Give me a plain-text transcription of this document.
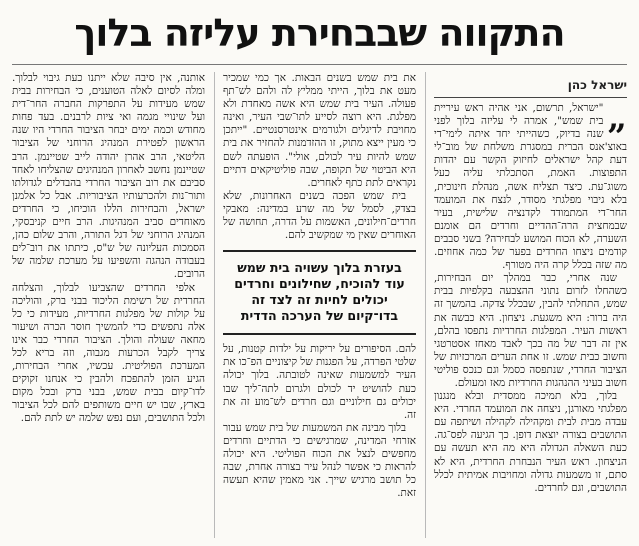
התקווה שבבחירת עליזה בלוך
ישראל כהן
„

"ישראל, תרשום, אני אהיה ראש עיריית בית שמש", אמרה לי עליזה בלוך לפני שנה בדיוק, כשהייתי יחד איתה לימי־די באוצ'אנס הברית במסגרת משלחת של מוב־לי דעת קהל ישראלים לחיזוק הקשר עם יהדות התפוצות. האמת, הסתכלתי עליה כעל משוג־עת. כיצד תצליח אשה, מנהלת חינוכית, בלא גיבוי מפלגתי מסודר, לנצח את המועמד החר־די המתמודד לקדנציה שלישית, בעיר שבמחצית הרה־ההדיים וחרדים הם אומנם השערה, לא הכוח המושע לבחירה? בשני סבבים קודמים ניצחו החרדים בפער של כמה אחוזים. מה שזה בכלל קרה היה מטורף.

שנה אחרי, כבר במהלך יום הבחירות, כשהחלו לזרום נתוני ההצבעה בקלפיות בבית שמש, התחלתי להבין, שבכלל צדקה. בהמשך זה היה ברור: היא משגעת. ניצחון. היא כבשה את ראשות העיר. המפלגות החרדיות נתפסו בהלם, אין זה דבר של מה בכך לאבד מאחז אסטרטגי וחשוב כבית שמש. זו אחת הערים המרכזיות של הציבור החרדי, שנתפסה כסמל וגם כנכס פוליטי חשוב בעיני ההנהגות החרדיות מאז ומעולם.

בלוך, בלא תמיכה ממסדית ובלא מנגנון מפלגתי מאורגן, ניצחה את המועמד החרדי. היא עבדה מבית לבית ומקהילה לקהילה ושיתפה עם התושבים בצורה יוצאת דופן. כך הגיעה לפס־גה. כעת השאלה הגדולה היא מה היא תעשה עם הניצחון. ראש העיר הנבחרת החרדית, היא לא סתם, זו משמעות גדולה ומחויבות אמיתית לכלל התושבים, וגם לחרדים.

את בית שמש בשנים הבאות. אך כמי שמכיר מעט את בלוך, הייתי ממליץ לה ולהם לש־תף פעולה. העיר בית שמש היא אשה מאחדת ולא מפלגת. היא רוצה לסייע לתו־שבי העיר, ואינה מחויבת לדיגלים ולגורמים אינטרסנטיים. "ייתכן כי מעין ייצא מתוק, זו ההזדמנות להחזיר את בית שמש להיות עיר לכולם, אולי". הופעתה לשם היא הביטוי של תקופה, שבה פוליטיקאים דתיים נקראים לתת כתף לאחרים.

בית שמש הפכה בשנים האחרונות, שלא בצדק, לסמל של מה שרע במדינה: מאבקי חרדים־חילונים, האשמות על הדרה, תחושה של האוחרים שאין מי שמקשיב להם.

בעזרת בלוך עשויה בית שמש עוד להוכיח, שחילונים וחרדים יכולים לחיות זה לצד זה בדו־קיום של הערכה הדדית

להם. הסיפורים על יריקות על ילדות קטנות, על שלטי הפרדה, על הפגנות של קיצוניים הפ־כו את העיר למשמעות שאינה לטובתה. בלוך יכולה כעת להושיט יד לכולם ולגרום לתה־ליך שבו יכולים גם חילוניים וגם חרדים לש־מוע זה את זה.

בלוך מבינה את המשמעות של בית שמש עבור אזרחי המדינה, שמרגישים כי הדתיים וחרדים מחפשים לנצל את הכוח הפוליטי. היא יכולה להראות כי אפשר לנהל עיר בצורה אחרת, שבה כל תושב מרגיש שייך. אני מאמין שהיא תעשה זאת.

אותנה, אין סיבה שלא ייתנו כעת גיבוי לבלוך. ומלה לסיום לאלה הטוענים, כי הבחירות בבית שמש מעידות על התפרקות החברה החר־דית ועל שינויי מגמה ואי ציות לרבנים. בעד פחות מחודש וכמה ימים יבחר הציבור החרדי היו שנה הראשון לפטירת המנהיג הרוחני של הציבור הליטאי, הרב אהרן יהודה לייב שטיינמן. הרב שטיינמן נחשב לאחרון המנהיגים שהצליחו לאחד סביבם את רוב הציבור החרדי בהבדלים לגדולתו ותור־נות ולהכרעותיו הציבוריות. אבל כל אלמנן ישראל, והבחירות הללו הוכיחו, כי החרדים מאוחדים סביב המנהיגות. הרב חיים קניבסקי, המנהיג הרוחני של דגל התורה, והרב שלום כהן, הסמכות העליונה של ש"ס, כיתתו את רוב־לים בעבודה הנהגה והשפיעו על מערכת שלמה של הרובים.

אלפי החרדים שהצביעו לבלוך, והצלחה החרדית של רשימת הליכוד בבני ברק, והוליכה על קולות של מפלגות החרדיות, מעידות כי כל אלה נתפשים כדי להמשיך חוסר הכרה ושיעור מחאה שעולה והולך. הציבור החרדי כבר אינו צריך לקבל הכרעות מגבוה, וזה בריא לכל המערכת הפוליטית. עכשיו, אחרי הבחירות, הגיע הזמן להתפכח ולהבין כי אנחנו זקוקים לדו־קיום בבית שמש, בבני ברק ובכל מקום בארץ, שבו יש חיים משותפים להם לכל הציבור ולכל התושבים, ועם נפש שלמה יש לתת להם.
